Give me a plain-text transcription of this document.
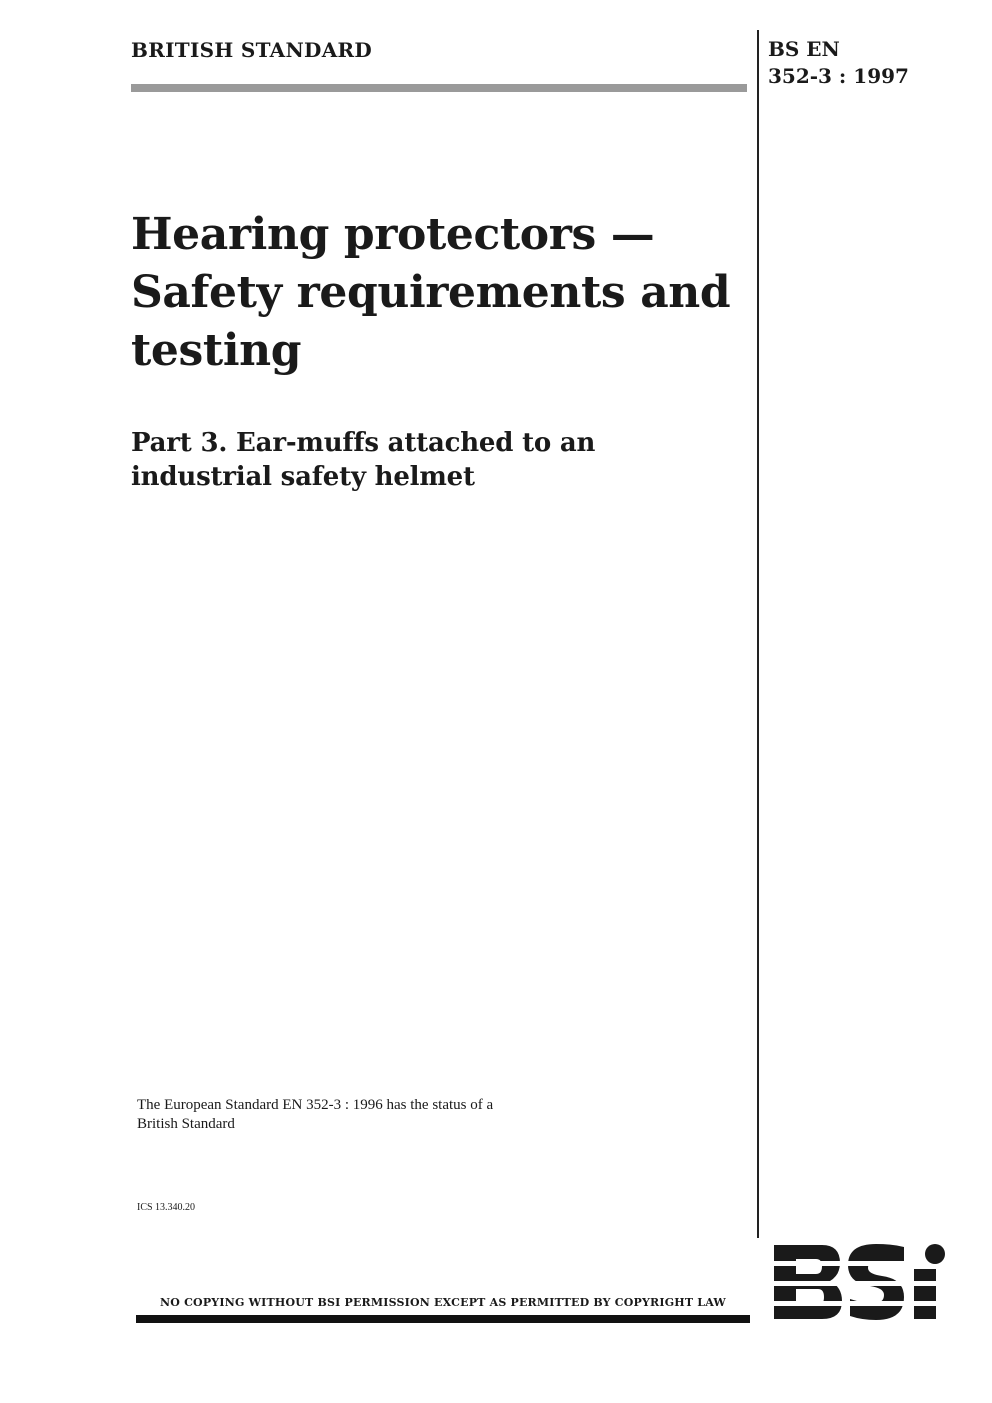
BRITISH STANDARD	BS EN
352-3 : 1997
Hearing protectors —
Safety requirements and
testing
Part 3. Ear-muffs attached to an
industrial safety helmet
The European Standard EN 352-3 : 1996 has the status of a
British Standard
ICS 13.340.20
NO COPYING WITHOUT BSI PERMISSION EXCEPT AS PERMITTED BY COPYRIGHT LAW
